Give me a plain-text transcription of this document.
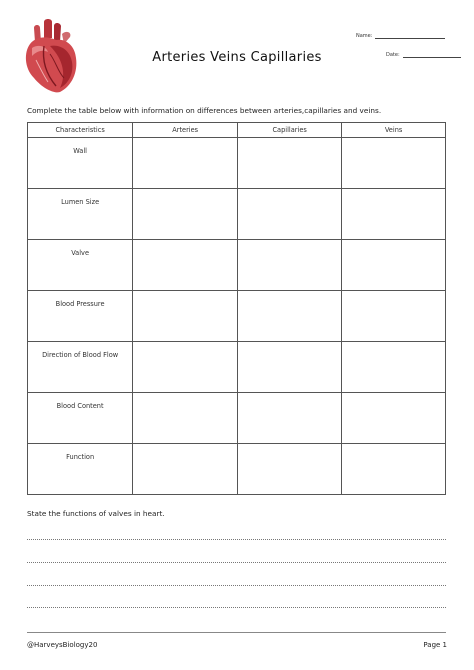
Arteries Veins Capillaries
Name:
Date:
Complete the table below with information on differences between arteries,capillaries and veins.
Characteristics	Arteries	Capillaries	Veins
Wall			
Lumen Size			
Valve			
Blood Pressure			
Direction of Blood Flow			
Blood Content			
Function			
State the functions of valves in heart.
@HarveysBiology20	Page 1
